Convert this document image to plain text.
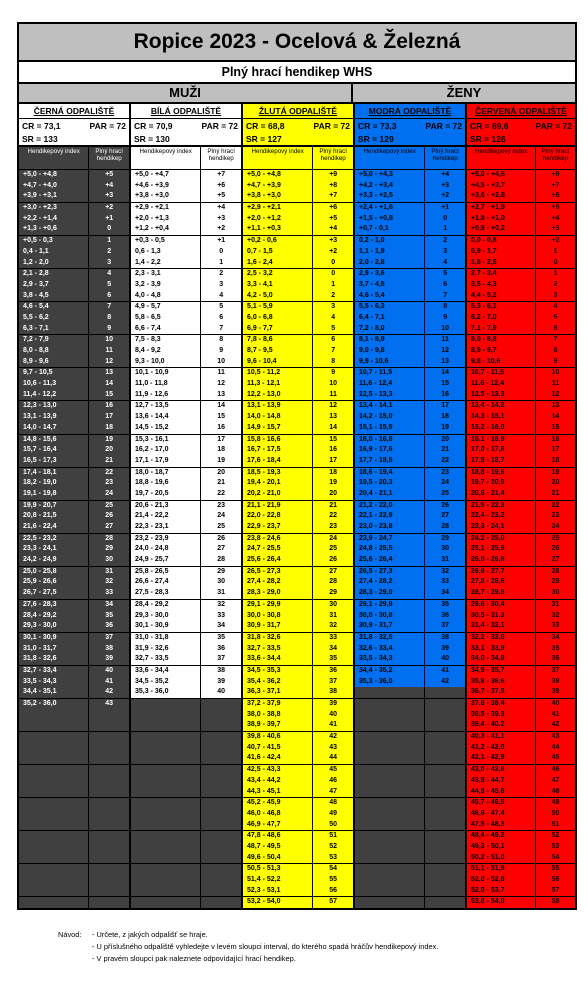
Ropice 2023 - Ocelová & Železná
Plný hrací hendikep WHS
MUŽI	ŽENY
ČERNÁ ODPALIŠTĚ
CR = 73,1	PAR = 72
SR = 133
Hendikepový index	Plný hrací hendikep
+5,0 - +4,8	+5
+4,7 - +4,0	+4
+3,9 - +3,1	+3
+3,0 - +2,3	+2
+2,2 - +1,4	+1
+1,3 - +0,6	0
+0,5 - 0,3	1
0,4 - 1,1	2
1,2 - 2,0	3
2,1 - 2,8	4
2,9 - 3,7	5
3,8 - 4,5	6
4,6 - 5,4	7
5,5 - 6,2	8
6,3 - 7,1	9
7,2 - 7,9	10
8,0 - 8,8	11
8,9 - 9,6	12
9,7 - 10,5	13
10,6 - 11,3	14
11,4 - 12,2	15
12,3 - 13,0	16
13,1 - 13,9	17
14,0 - 14,7	18
14,8 - 15,6	19
15,7 - 16,4	20
16,5 - 17,3	21
17,4 - 18,1	22
18,2 - 19,0	23
19,1 - 19,8	24
19,9 - 20,7	25
20,8 - 21,5	26
21,6 - 22,4	27
22,5 - 23,2	28
23,3 - 24,1	29
24,2 - 24,9	30
25,0 - 25,8	31
25,9 - 26,6	32
26,7 - 27,5	33
27,6 - 28,3	34
28,4 - 29,2	35
29,3 - 30,0	36
30,1 - 30,9	37
31,0 - 31,7	38
31,8 - 32,6	39
32,7 - 33,4	40
33,5 - 34,3	41
34,4 - 35,1	42
35,2 - 36,0	43
BÍLÁ ODPALIŠTĚ
CR = 70,9	PAR = 72
SR = 130
Hendikepový index	Plný hrací hendikep
+5,0 - +4,7	+7
+4,6 - +3,9	+6
+3,8 - +3,0	+5
+2,9 - +2,1	+4
+2,0 - +1,3	+3
+1,2 - +0,4	+2
+0,3 - 0,5	+1
0,6 - 1,3	0
1,4 - 2,2	1
2,3 - 3,1	2
3,2 - 3,9	3
4,0 - 4,8	4
4,9 - 5,7	5
5,8 - 6,5	6
6,6 - 7,4	7
7,5 - 8,3	8
8,4 - 9,2	9
9,3 - 10,0	10
10,1 - 10,9	11
11,0 - 11,8	12
11,9 - 12,6	13
12,7 - 13,5	14
13,6 - 14,4	15
14,5 - 15,2	16
15,3 - 16,1	17
16,2 - 17,0	18
17,1 - 17,9	19
18,0 - 18,7	20
18,8 - 19,6	21
19,7 - 20,5	22
20,6 - 21,3	23
21,4 - 22,2	24
22,3 - 23,1	25
23,2 - 23,9	26
24,0 - 24,8	27
24,9 - 25,7	28
25,8 - 26,5	29
26,6 - 27,4	30
27,5 - 28,3	31
28,4 - 29,2	32
29,3 - 30,0	33
30,1 - 30,9	34
31,0 - 31,8	35
31,9 - 32,6	36
32,7 - 33,5	37
33,6 - 34,4	38
34,5 - 35,2	39
35,3 - 36,0	40
ŽLUTÁ ODPALIŠTĚ
CR = 68,8	PAR = 72
SR = 127
Hendikepový index	Plný hrací hendikep
+5,0 - +4,8	+9
+4,7 - +3,9	+8
+3,8 - +3,0	+7
+2,9 - +2,1	+6
+2,0 - +1,2	+5
+1,1 - +0,3	+4
+0,2 - 0,6	+3
0,7 - 1,5	+2
1,6 - 2,4	0
2,5 - 3,2	0
3,3 - 4,1	1
4,2 - 5,0	2
5,1 - 5,9	3
6,0 - 6,8	4
6,9 - 7,7	5
7,8 - 8,6	6
8,7 - 9,5	7
9,6 - 10,4	8
10,5 - 11,2	9
11,3 - 12,1	10
12,2 - 13,0	11
13,1 - 13,9	12
14,0 - 14,8	13
14,9 - 15,7	14
15,8 - 16,6	15
16,7 - 17,5	16
17,6 - 18,4	17
18,5 - 19,3	18
19,4 - 20,1	19
20,2 - 21,0	20
21,1 - 21,9	21
22,0 - 22,8	22
22,9 - 23,7	23
23,8 - 24,6	24
24,7 - 25,5	25
25,6 - 26,4	26
26,5 - 27,3	27
27,4 - 28,2	28
28,3 - 29,0	29
29,1 - 29,9	30
30,0 - 30,8	31
30,9 - 31,7	32
31,8 - 32,6	33
32,7 - 33,5	34
33,6 - 34,4	35
34,5 - 35,3	36
35,4 - 36,2	37
36,3 - 37,1	38
37,2 - 37,9	39
38,0 - 38,8	40
38,9 - 39,7	41
39,8 - 40,6	42
40,7 - 41,5	43
41,6 - 42,4	44
42,5 - 43,3	45
43,4 - 44,2	46
44,3 - 45,1	47
45,2 - 45,9	48
46,0 - 46,8	49
46,9 - 47,7	50
47,8 - 48,6	51
48,7 - 49,5	52
49,6 - 50,4	53
50,5 - 51,3	54
51,4 - 52,2	55
52,3 - 53,1	56
53,2 - 54,0	57
MODRÁ ODPALIŠTĚ
CR = 73,3	PAR = 72
SR = 129
Hendikepový index	Plný hrací hendikep
+5,0 - +4,3	+4
+4,2 - +3,4	+3
+3,3 - +2,5	+2
+2,4 - +1,6	+1
+1,5 - +0,8	0
+0,7 - 0,1	1
0,2 - 1,0	2
1,1 - 1,9	3
2,0 - 2,8	4
2,9 - 3,6	5
3,7 - 4,5	6
4,6 - 5,4	7
5,5 - 6,3	8
6,4 - 7,1	9
7,2 - 8,0	10
8,1 - 8,9	11
9,0 - 9,8	12
9,9 - 10,6	13
10,7 - 11,5	14
11,6 - 12,4	15
12,5 - 13,3	16
13,4 - 14,1	17
14,2 - 15,0	18
15,1 - 15,9	19
16,0 - 16,8	20
16,9 - 17,6	21
17,7 - 18,5	22
18,6 - 19,4	23
19,5 - 20,3	24
20,4 - 21,1	25
21,2 - 22,0	26
22,1 - 22,9	27
23,0 - 23,8	28
23,9 - 24,7	29
24,8 - 25,5	30
25,6 - 26,4	31
26,5 - 27,3	32
27,4 - 28,2	33
28,3 - 29,0	34
29,1 - 29,9	35
30,0 - 30,8	36
30,9 - 31,7	37
31,8 - 32,5	38
32,6 - 33,4	39
33,5 - 34,3	40
34,4 - 35,2	41
35,3 - 36,0	42
ČERVENÁ ODPALIŠTĚ
CR = 69,6	PAR = 72
SR = 126
Hendikepový index	Plný hrací hendikep
+5,0 - +4,6	+8
+4,5 - +3,7	+7
+3,6 - +2,8	+6
+2,7 - +1,9	+5
+1,8 - +1,0	+4
+0,9 - +0,2	+3
0,0 - 0,8	+2
0,9 - 1,7	1
1,8 - 2,6	0
2,7 - 3,4	1
3,5 - 4,3	2
4,4 - 5,2	3
5,3 - 6,1	4
6,2 - 7,0	5
7,1 - 7,9	6
8,0 - 8,8	7
8,9 - 9,7	8
9,8 - 10,6	9
10,7 - 11,5	10
11,6 - 12,4	11
12,5 - 13,3	12
13,4 - 14,2	13
14,3 - 15,1	14
15,2 - 16,0	15
16,1 - 16,9	16
17,0 - 17,8	17
17,9 - 18,7	18
18,8 - 19,6	19
19,7 - 20,5	20
20,6 - 21,4	21
21,5 - 22,3	22
22,4 - 23,2	23
23,3 - 24,1	24
24,2 - 25,0	25
25,1 - 25,9	26
26,0 - 26,8	27
26,9 - 27,7	28
27,8 - 28,6	29
28,7 - 29,5	30
29,6 - 30,4	31
30,5 - 31,3	32
31,4 - 32,1	33
32,2 - 33,0	34
33,1 - 33,9	35
34,0 - 34,8	36
34,9 - 35,7	37
35,8 - 36,6	38
36,7 - 37,5	39
37,6 - 38,4	40
38,5 - 39,3	41
39,4 - 40,2	42
40,3 - 41,1	43
41,2 - 42,0	44
42,1 - 42,9	45
43,0 - 43,8	46
43,9 - 44,7	47
44,8 - 45,6	48
45,7 - 46,5	49
46,6 - 47,4	50
47,5 - 48,3	51
48,4 - 49,2	52
49,3 - 50,1	53
50,2 - 51,0	54
51,1 - 51,9	55
52,0 - 52,8	56
52,9 - 53,7	57
53,8 - 54,0	58
Návod: - Určete, z jakých odpališť se hraje.
- U příslušného odpaliště vyhledejte v levém sloupci interval, do kterého spadá hráčův hendikepový index.
- V pravém sloupci pak naleznete odpovídající hrací hendikep.
